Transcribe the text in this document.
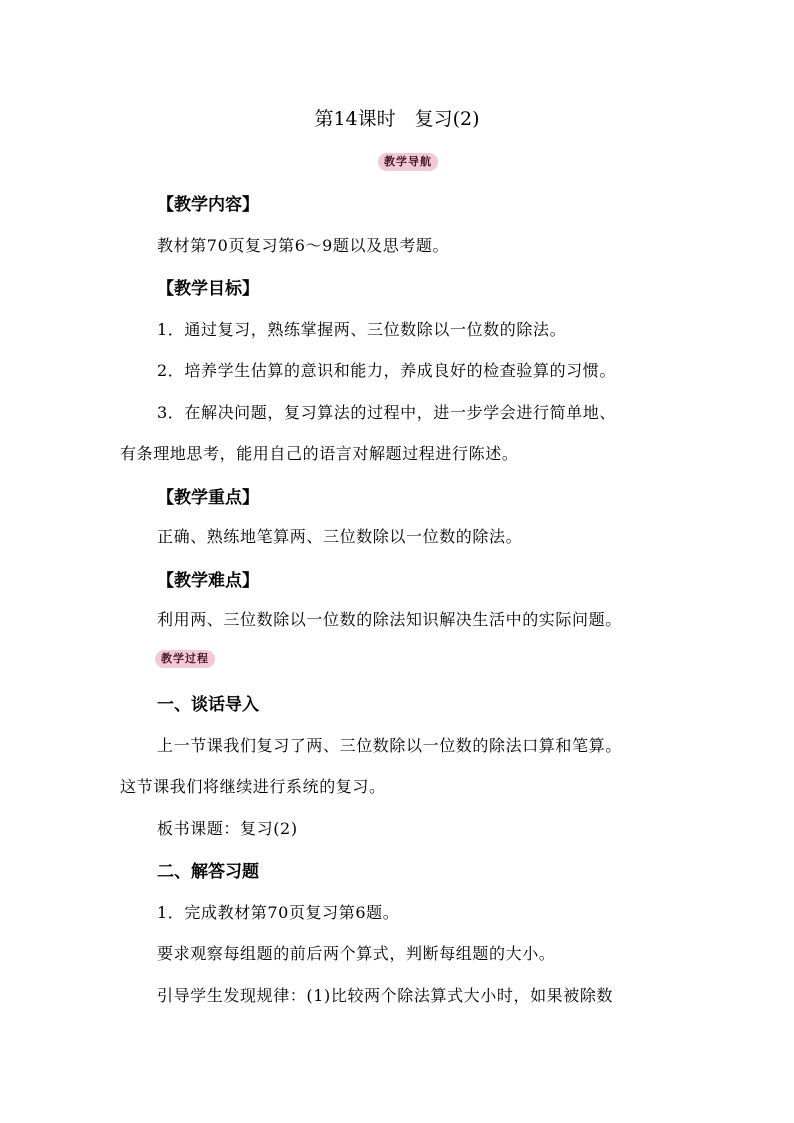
第14课时　复习(2)
教学导航
【教学内容】
教材第70页复习第6～9题以及思考题。
【教学目标】
1．通过复习，熟练掌握两、三位数除以一位数的除法。
2．培养学生估算的意识和能力，养成良好的检查验算的习惯。
3．在解决问题，复习算法的过程中，进一步学会进行简单地、
有条理地思考，能用自己的语言对解题过程进行陈述。
【教学重点】
正确、熟练地笔算两、三位数除以一位数的除法。
【教学难点】
利用两、三位数除以一位数的除法知识解决生活中的实际问题。
教学过程
一、谈话导入
上一节课我们复习了两、三位数除以一位数的除法口算和笔算。
这节课我们将继续进行系统的复习。
板书课题：复习(2)
二、解答习题
1．完成教材第70页复习第6题。
要求观察每组题的前后两个算式，判断每组题的大小。
引导学生发现规律：(1)比较两个除法算式大小时，如果被除数
